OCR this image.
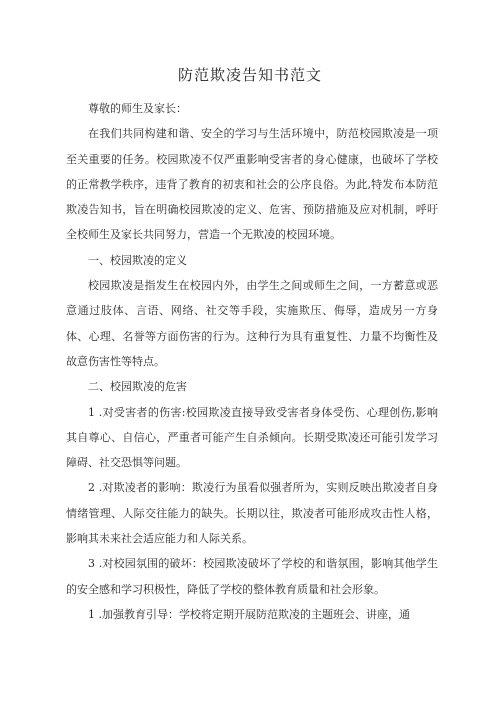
防范欺凌告知书范文

尊敬的师生及家长：

在我们共同构建和谐、安全的学习与生活环境中，防范校园欺凌是一项至关重要的任务。校园欺凌不仅严重影响受害者的身心健康，也破坏了学校的正常教学秩序，违背了教育的初衷和社会的公序良俗。为此,特发布本防范欺凌告知书，旨在明确校园欺凌的定义、危害、预防措施及应对机制，呼吁全校师生及家长共同努力，营造一个无欺凌的校园环境。

一、校园欺凌的定义

校园欺凌是指发生在校园内外，由学生之间或师生之间，一方蓄意或恶意通过肢体、言语、网络、社交等手段，实施欺压、侮辱，造成另一方身体、心理、名誉等方面伤害的行为。这种行为具有重复性、力量不均衡性及故意伤害性等特点。

二、校园欺凌的危害

1 .对受害者的伤害:校园欺凌直接导致受害者身体受伤、心理创伤,影响其自尊心、自信心，严重者可能产生自杀倾向。长期受欺凌还可能引发学习障碍、社交恐惧等问题。

2 .对欺凌者的影响：欺凌行为虽看似强者所为，实则反映出欺凌者自身情绪管理、人际交往能力的缺失。长期以往，欺凌者可能形成攻击性人格，影响其未来社会适应能力和人际关系。

3 .对校园氛围的破坏：校园欺凌破坏了学校的和谐氛围，影响其他学生的安全感和学习积极性，降低了学校的整体教育质量和社会形象。

1 .加强教育引导：学校将定期开展防范欺凌的主题班会、讲座，通
